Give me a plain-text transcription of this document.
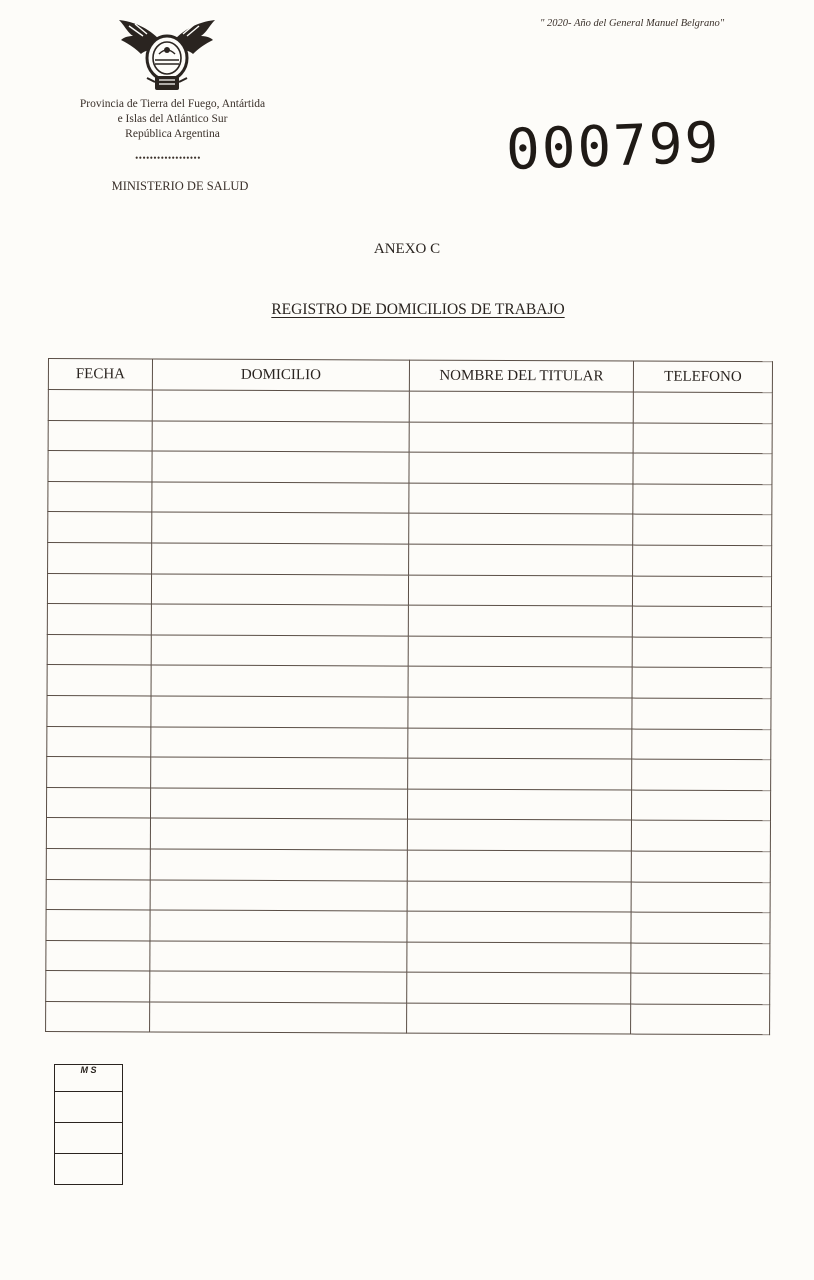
Provincia de Tierra del Fuego, Antártida
e Islas del Atlántico Sur
República Argentina
••••••••••••••••••
MINISTERIO DE SALUD
" 2020- Año del General Manuel Belgrano"
000799
ANEXO C
REGISTRO DE DOMICILIOS DE TRABAJO
FECHA	DOMICILIO	NOMBRE DEL TITULAR	TELEFONO

M S
